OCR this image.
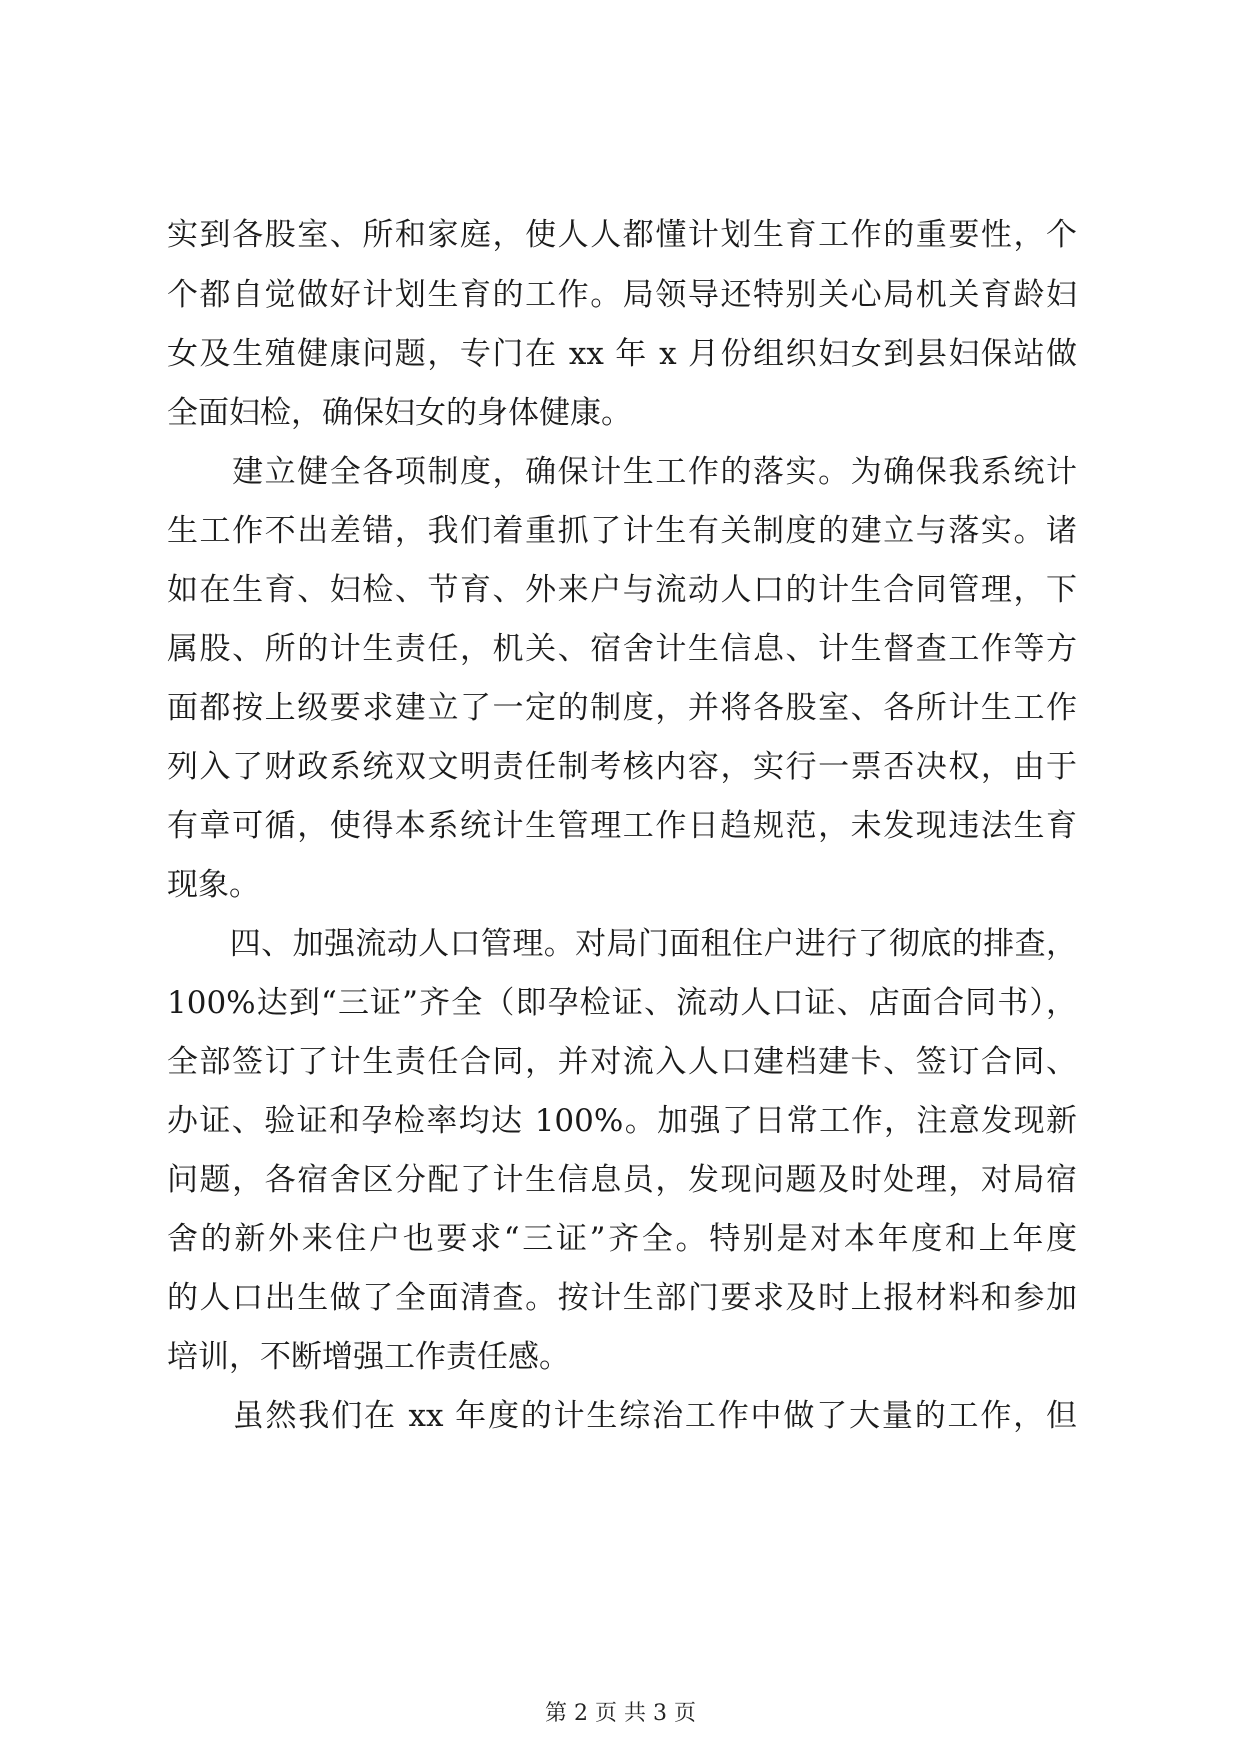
实到各股室、所和家庭，使人人都懂计划生育工作的重要性，个
个都自觉做好计划生育的工作。局领导还特别关心局机关育龄妇
女及生殖健康问题，专门在 xx 年 x 月份组织妇女到县妇保站做
全面妇检，确保妇女的身体健康。
　　建立健全各项制度，确保计生工作的落实。为确保我系统计
生工作不出差错，我们着重抓了计生有关制度的建立与落实。诸
如在生育、妇检、节育、外来户与流动人口的计生合同管理，下
属股、所的计生责任，机关、宿舍计生信息、计生督查工作等方
面都按上级要求建立了一定的制度，并将各股室、各所计生工作
列入了财政系统双文明责任制考核内容，实行一票否决权，由于
有章可循，使得本系统计生管理工作日趋规范，未发现违法生育
现象。
　　四、加强流动人口管理。对局门面租住户进行了彻底的排查，
100%达到“三证”齐全（即孕检证、流动人口证、店面合同书），
全部签订了计生责任合同，并对流入人口建档建卡、签订合同、
办证、验证和孕检率均达 100%。加强了日常工作，注意发现新
问题，各宿舍区分配了计生信息员，发现问题及时处理，对局宿
舍的新外来住户也要求“三证”齐全。特别是对本年度和上年度
的人口出生做了全面清查。按计生部门要求及时上报材料和参加
培训，不断增强工作责任感。
　　虽然我们在 xx 年度的计生综治工作中做了大量的工作，但
第 2 页 共 3 页
